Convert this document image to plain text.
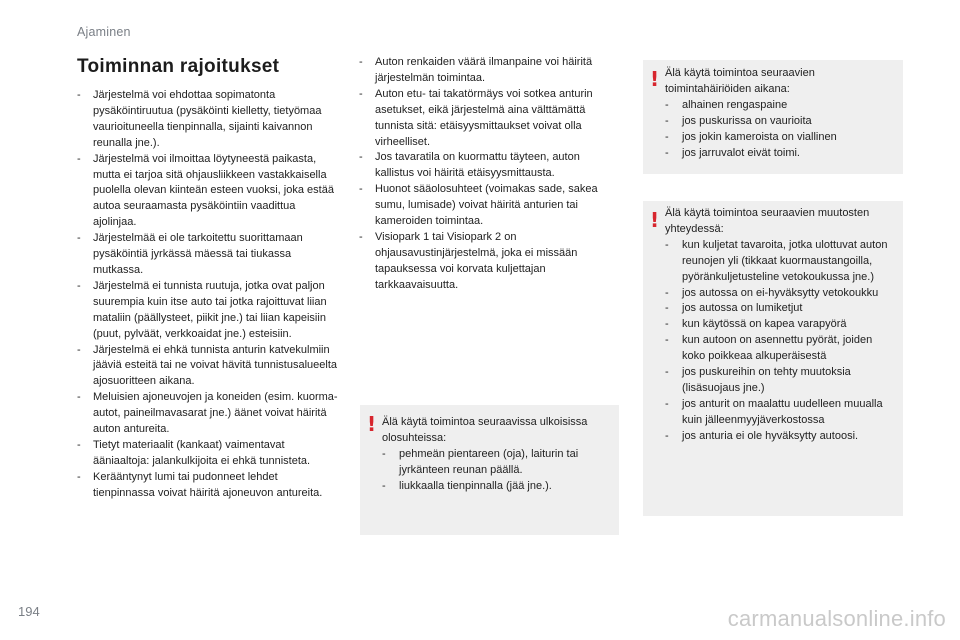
Ajaminen
Toiminnan rajoitukset
- Järjestelmä voi ehdottaa sopimatonta pysäköintiruutua (pysäköinti kielletty, tietyömaa vaurioituneella tienpinnalla, sijainti kaivannon reunalla jne.).
- Järjestelmä voi ilmoittaa löytyneestä paikasta, mutta ei tarjoa sitä ohjausliikkeen vastakkaisella puolella olevan kiinteän esteen vuoksi, joka estää autoa seuraamasta pysäköintiin vaadittua ajolinjaa.
- Järjestelmää ei ole tarkoitettu suorittamaan pysäköintiä jyrkässä mäessä tai tiukassa mutkassa.
- Järjestelmä ei tunnista ruutuja, jotka ovat paljon suurempia kuin itse auto tai jotka rajoittuvat liian mataliin (päällysteet, piikit jne.) tai liian kapeisiin (puut, pylväät, verkkoaidat jne.) esteisiin.
- Järjestelmä ei ehkä tunnista anturin katvekulmiin jääviä esteitä tai ne voivat hävitä tunnistusalueelta ajosuoritteen aikana.
- Meluisien ajoneuvojen ja koneiden (esim. kuorma-autot, paineilmavasarat jne.) äänet voivat häiritä auton antureita.
- Tietyt materiaalit (kankaat) vaimentavat ääniaaltoja: jalankulkijoita ei ehkä tunnisteta.
- Kerääntynyt lumi tai pudonneet lehdet tienpinnassa voivat häiritä ajoneuvon antureita.
- Auton renkaiden väärä ilmanpaine voi häiritä järjestelmän toimintaa.
- Auton etu- tai takatörmäys voi sotkea anturin asetukset, eikä järjestelmä aina välttämättä tunnista sitä: etäisyysmittaukset voivat olla virheelliset.
- Jos tavaratila on kuormattu täyteen, auton kallistus voi häiritä etäisyysmittausta.
- Huonot sääolosuhteet (voimakas sade, sakea sumu, lumisade) voivat häiritä anturien tai kameroiden toimintaa.
- Visiopark 1 tai Visiopark 2 on ohjausavustinjärjestelmä, joka ei missään tapauksessa voi korvata kuljettajan tarkkaavaisuutta.
! Älä käytä toimintoa seuraavissa ulkoisissa olosuhteissa:

- pehmeän pientareen (oja), laiturin tai jyrkänteen reunan päällä.
- liukkaalla tienpinnalla (jää jne.).
! Älä käytä toimintoa seuraavien toimintahäiriöiden aikana:

- alhainen rengaspaine
- jos puskurissa on vaurioita
- jos jokin kameroista on viallinen
- jos jarruvalot eivät toimi.
! Älä käytä toimintoa seuraavien muutosten yhteydessä:

- kun kuljetat tavaroita, jotka ulottuvat auton reunojen yli (tikkaat kuormaustangoilla, pyöränkuljetusteline vetokoukussa jne.)
- jos autossa on ei-hyväksytty vetokoukku
- jos autossa on lumiketjut
- kun käytössä on kapea varapyörä
- kun autoon on asennettu pyörät, joiden koko poikkeaa alkuperäisestä
- jos puskureihin on tehty muutoksia (lisäsuojaus jne.)
- jos anturit on maalattu uudelleen muualla kuin jälleenmyyjäverkostossa
- jos anturia ei ole hyväksytty autoosi.
194	carmanualsonline.info
